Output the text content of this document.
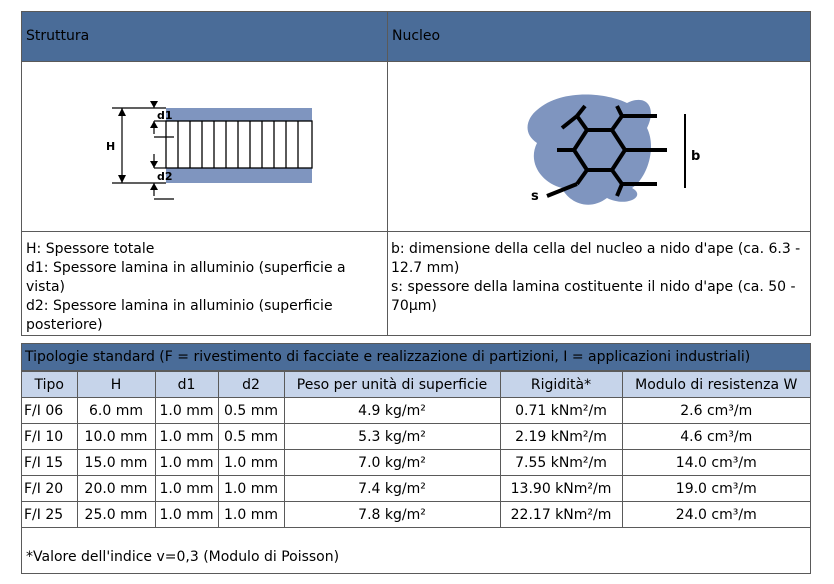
Struttura	Nucleo
H
d1
d2
b
s
H: Spessore totale
d1: Spessore lamina in alluminio (superficie a
vista)
d2: Spessore lamina in alluminio (superficie
posteriore)
b: dimensione della cella del nucleo a nido d'ape (ca. 6.3 -
12.7 mm)
s: spessore della lamina costituente il nido d'ape (ca. 50 -
70µm)
Tipologie standard (F = rivestimento di facciate e realizzazione di partizioni, I = applicazioni industriali)
Tipo	H	d1	d2	Peso per unità di superficie	Rigidità*	Modulo di resistenza W
F/I 06	6.0 mm	1.0 mm	0.5 mm	4.9 kg/m²	0.71 kNm²/m	2.6 cm³/m
F/I 10	10.0 mm	1.0 mm	0.5 mm	5.3 kg/m²	2.19 kNm²/m	4.6 cm³/m
F/I 15	15.0 mm	1.0 mm	1.0 mm	7.0 kg/m²	7.55 kNm²/m	14.0 cm³/m
F/I 20	20.0 mm	1.0 mm	1.0 mm	7.4 kg/m²	13.90 kNm²/m	19.0 cm³/m
F/I 25	25.0 mm	1.0 mm	1.0 mm	7.8 kg/m²	22.17 kNm²/m	24.0 cm³/m
*Valore dell'indice v=0,3 (Modulo di Poisson)
